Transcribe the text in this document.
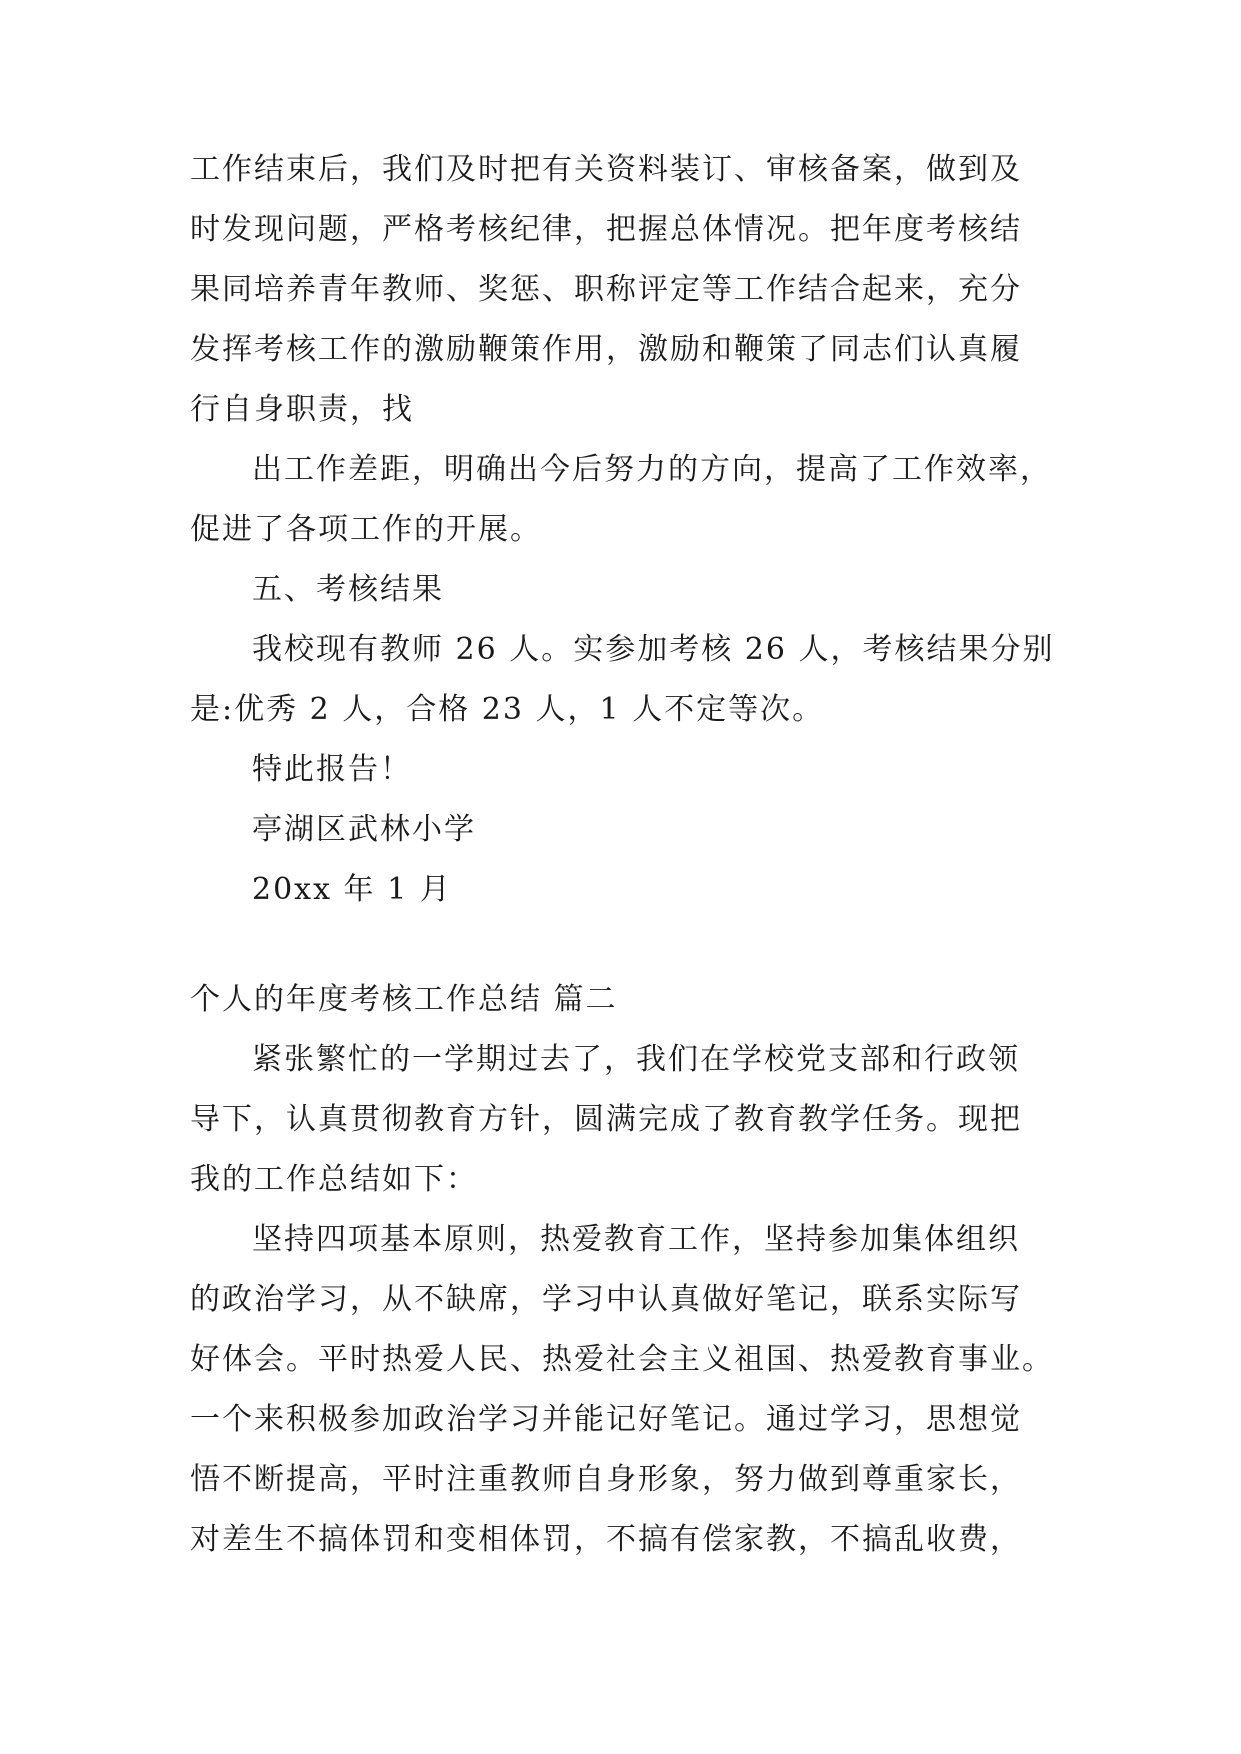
工作结束后，我们及时把有关资料装订、审核备案，做到及
时发现问题，严格考核纪律，把握总体情况。把年度考核结
果同培养青年教师、奖惩、职称评定等工作结合起来，充分
发挥考核工作的激励鞭策作用，激励和鞭策了同志们认真履
行自身职责，找
出工作差距，明确出今后努力的方向，提高了工作效率，
促进了各项工作的开展。
五、考核结果
我校现有教师 26 人。实参加考核 26 人，考核结果分别
是:优秀 2 人，合格 23 人，1 人不定等次。
特此报告！
亭湖区武林小学
20xx 年 1 月
个人的年度考核工作总结 篇二
紧张繁忙的一学期过去了，我们在学校党支部和行政领
导下，认真贯彻教育方针，圆满完成了教育教学任务。现把
我的工作总结如下：
坚持四项基本原则，热爱教育工作，坚持参加集体组织
的政治学习，从不缺席，学习中认真做好笔记，联系实际写
好体会。平时热爱人民、热爱社会主义祖国、热爱教育事业。
一个来积极参加政治学习并能记好笔记。通过学习，思想觉
悟不断提高，平时注重教师自身形象，努力做到尊重家长，
对差生不搞体罚和变相体罚，不搞有偿家教，不搞乱收费，
